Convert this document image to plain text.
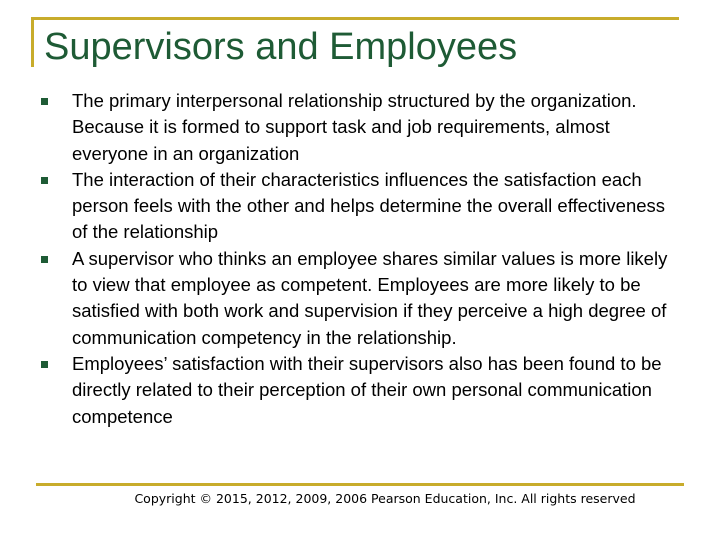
Supervisors and Employees
The primary interpersonal relationship structured by the organization. Because it is formed to support task and job requirements, almost everyone in an organization
The interaction of their characteristics influences the satisfaction each person feels with the other and helps determine the overall effectiveness of the relationship
A supervisor who thinks an employee shares similar values is more likely to view that employee as competent. Employees are more likely to be satisfied with both work and supervision if they perceive a high degree of communication competency in the relationship.
Employees’ satisfaction with their supervisors also has been found to be directly related to their perception of their own personal communication competence
Copyright © 2015, 2012, 2009, 2006 Pearson Education, Inc. All rights reserved
